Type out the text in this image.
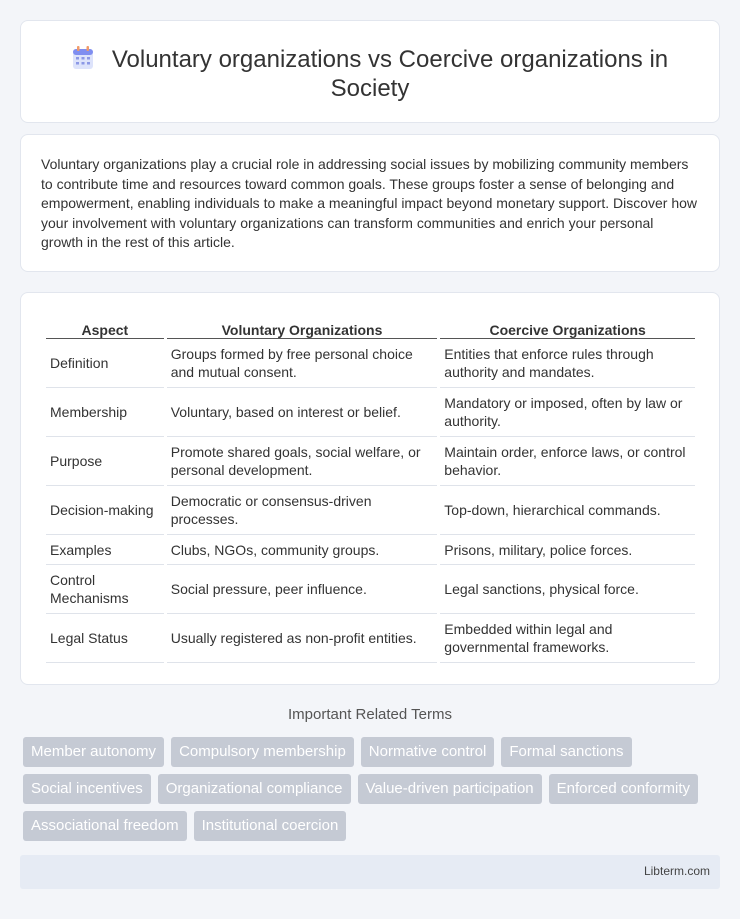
Voluntary organizations vs Coercive organizations in Society

Voluntary organizations play a crucial role in addressing social issues by mobilizing community members to contribute time and resources toward common goals. These groups foster a sense of belonging and empowerment, enabling individuals to make a meaningful impact beyond monetary support. Discover how your involvement with voluntary organizations can transform communities and enrich your personal growth in the rest of this article.

Aspect	Voluntary Organizations	Coercive Organizations
Definition	Groups formed by free personal choice and mutual consent.	Entities that enforce rules through authority and mandates.
Membership	Voluntary, based on interest or belief.	Mandatory or imposed, often by law or authority.
Purpose	Promote shared goals, social welfare, or personal development.	Maintain order, enforce laws, or control behavior.
Decision-making	Democratic or consensus-driven processes.	Top-down, hierarchical commands.
Examples	Clubs, NGOs, community groups.	Prisons, military, police forces.
Control Mechanisms	Social pressure, peer influence.	Legal sanctions, physical force.
Legal Status	Usually registered as non-profit entities.	Embedded within legal and governmental frameworks.
Important Related Terms
Member autonomy	Compulsory membership	Normative control	Formal sanctions
Social incentives	Organizational compliance	Value-driven participation	Enforced conformity
Associational freedom	Institutional coercion
Libterm.com
